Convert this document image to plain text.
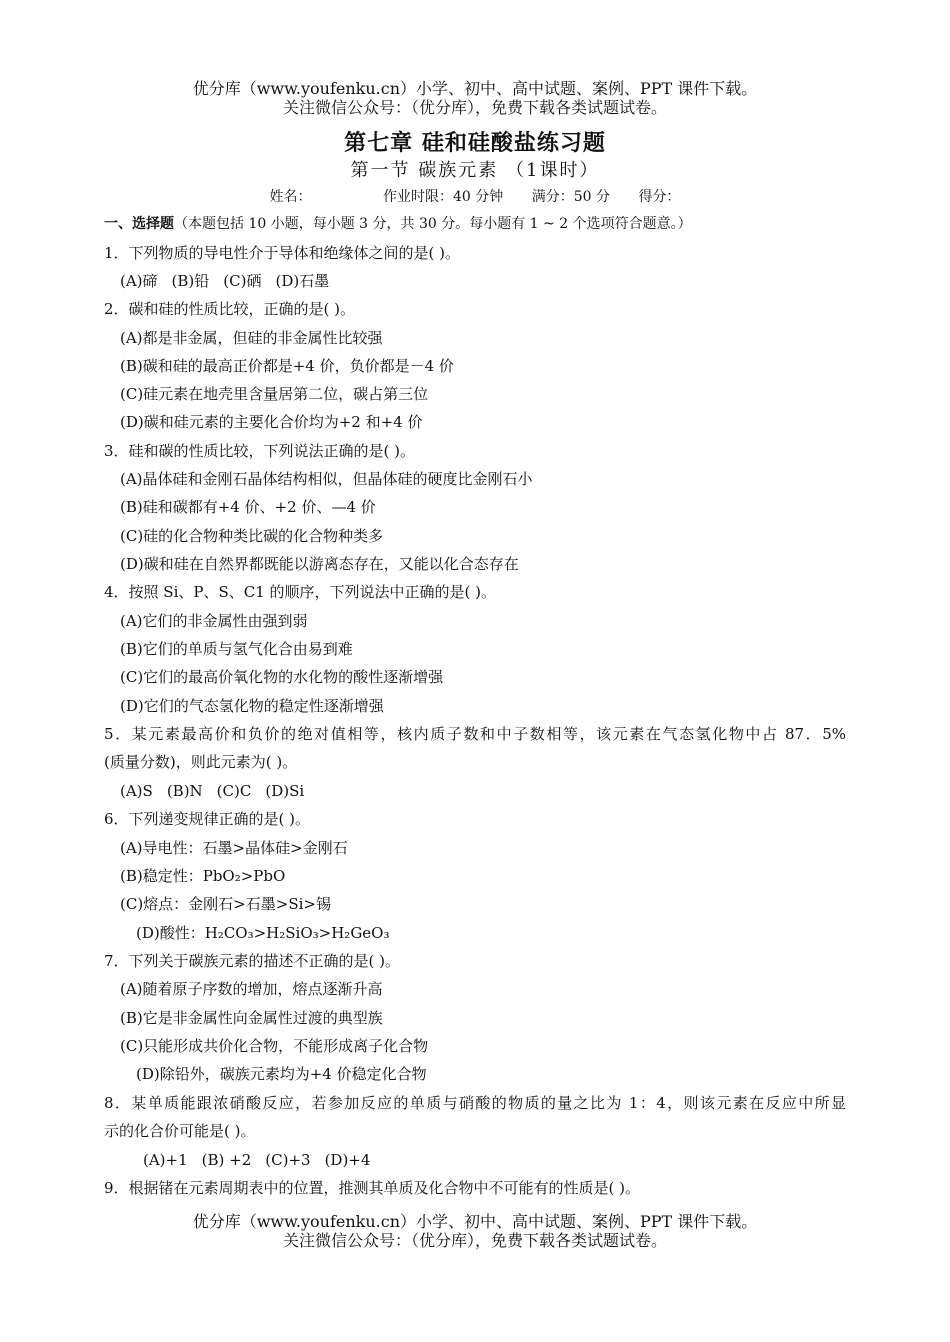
优分库（www.youfenku.cn）小学、初中、高中试题、案例、PPT 课件下载。
关注微信公众号：（优分库），免费下载各类试题试卷。
第七章 硅和硅酸盐练习题
第一节 碳族元素 （1课时）
姓名：	作业时限：40 分钟 满分：50 分 得分：
一、选择题（本题包括 10 小题，每小题 3 分，共 30 分。每小题有 1 ~ 2 个选项符合题意。）
1．下列物质的导电性介于导体和绝缘体之间的是( )。
(A)碲 (B)铅 (C)硒 (D)石墨
2．碳和硅的性质比较，正确的是( )。
(A)都是非金属，但硅的非金属性比较强
(B)碳和硅的最高正价都是+4 价，负价都是－4 价
(C)硅元素在地壳里含量居第二位，碳占第三位
(D)碳和硅元素的主要化合价均为+2 和+4 价
3．硅和碳的性质比较，下列说法正确的是( )。
(A)晶体硅和金刚石晶体结构相似，但晶体硅的硬度比金刚石小
(B)硅和碳都有+4 价、+2 价、—4 价
(C)硅的化合物种类比碳的化合物种类多
(D)碳和硅在自然界都既能以游离态存在，又能以化合态存在
4．按照 Si、P、S、C1 的顺序，下列说法中正确的是( )。
(A)它们的非金属性由强到弱
(B)它们的单质与氢气化合由易到难
(C)它们的最高价氧化物的水化物的酸性逐渐增强
(D)它们的气态氢化物的稳定性逐渐增强
5．某元素最高价和负价的绝对值相等，核内质子数和中子数相等，该元素在气态氢化物中占 87．5%
(质量分数)，则此元素为( )。
(A)S (B)N (C)C (D)Si
6．下列递变规律正确的是( )。
(A)导电性：石墨>晶体硅>金刚石
(B)稳定性：PbO₂>PbO
(C)熔点：金刚石>石墨>Si>锡
(D)酸性：H₂CO₃>H₂SiO₃>H₂GeO₃
7．下列关于碳族元素的描述不正确的是( )。
(A)随着原子序数的增加，熔点逐渐升高
(B)它是非金属性向金属性过渡的典型族
(C)只能形成共价化合物，不能形成离子化合物
(D)除铅外，碳族元素均为+4 价稳定化合物
8．某单质能跟浓硝酸反应，若参加反应的单质与硝酸的物质的量之比为 1：4，则该元素在反应中所显
示的化合价可能是( )。
(A)+1 (B) +2 (C)+3 (D)+4
9．根据锗在元素周期表中的位置，推测其单质及化合物中不可能有的性质是( )。
优分库（www.youfenku.cn）小学、初中、高中试题、案例、PPT 课件下载。
关注微信公众号：（优分库），免费下载各类试题试卷。
